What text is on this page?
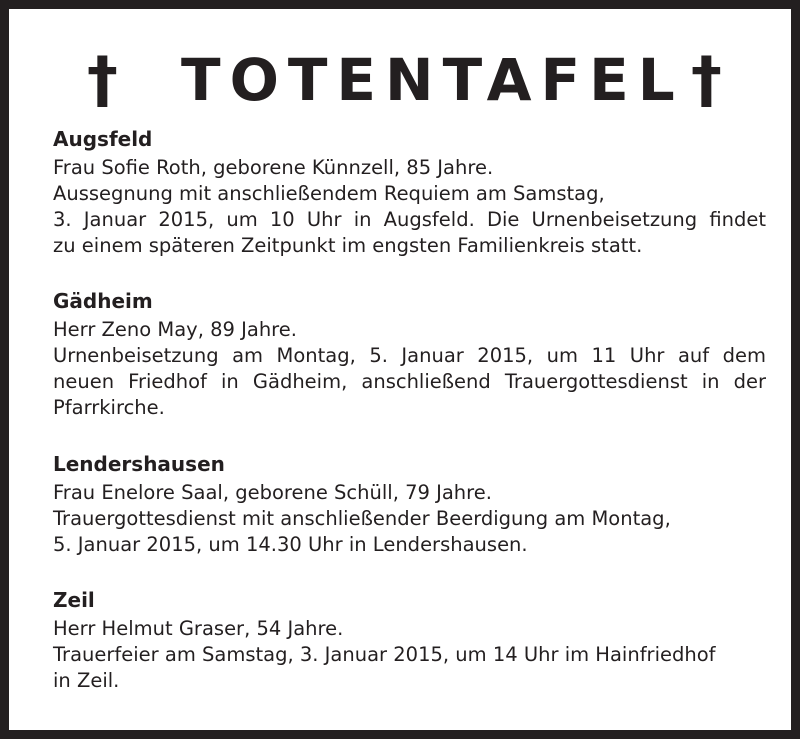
† TOTENTAFEL †
Augsfeld
Frau Sofie Roth, geborene Künnzell, 85 Jahre.
Aussegnung mit anschließendem Requiem am Samstag,
3. Januar 2015, um 10 Uhr in Augsfeld. Die Urnenbeisetzung findet
zu einem späteren Zeitpunkt im engsten Familienkreis statt.
Gädheim
Herr Zeno May, 89 Jahre.
Urnenbeisetzung am Montag, 5. Januar 2015, um 11 Uhr auf dem
neuen Friedhof in Gädheim, anschließend Trauergottesdienst in der
Pfarrkirche.
Lendershausen
Frau Enelore Saal, geborene Schüll, 79 Jahre.
Trauergottesdienst mit anschließender Beerdigung am Montag,
5. Januar 2015, um 14.30 Uhr in Lendershausen.
Zeil
Herr Helmut Graser, 54 Jahre.
Trauerfeier am Samstag, 3. Januar 2015, um 14 Uhr im Hainfriedhof
in Zeil.
